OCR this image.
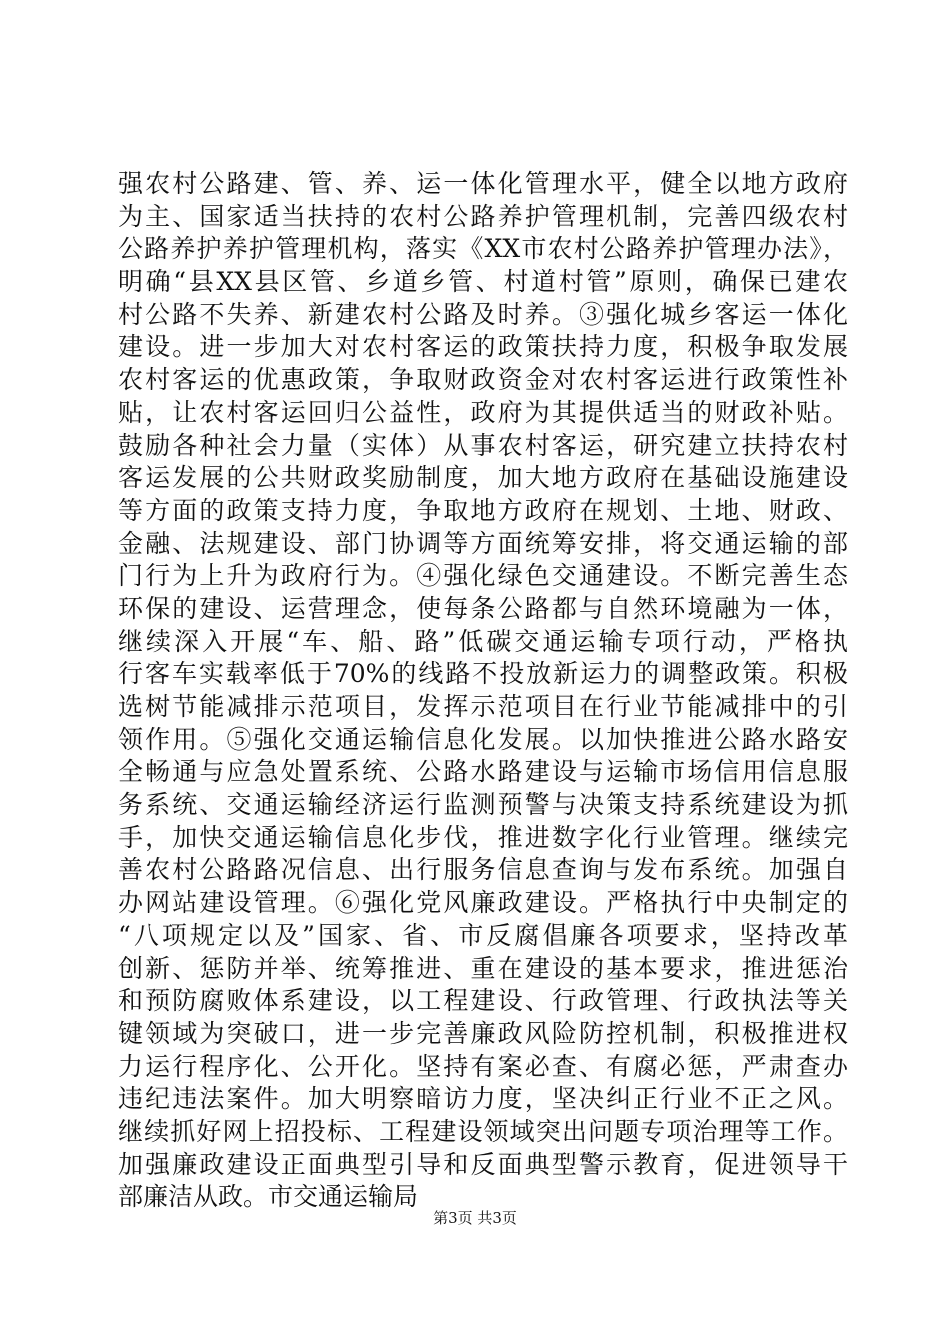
强农村公路建、管、养、运一体化管理水平，健全以地方政府
为主、国家适当扶持的农村公路养护管理机制，完善四级农村
公路养护养护管理机构，落实《XX市农村公路养护管理办法》，
明确“县XX县区管、乡道乡管、村道村管”原则，确保已建农
村公路不失养、新建农村公路及时养。③强化城乡客运一体化
建设。进一步加大对农村客运的政策扶持力度，积极争取发展
农村客运的优惠政策，争取财政资金对农村客运进行政策性补
贴，让农村客运回归公益性，政府为其提供适当的财政补贴。
鼓励各种社会力量（实体）从事农村客运，研究建立扶持农村
客运发展的公共财政奖励制度，加大地方政府在基础设施建设
等方面的政策支持力度，争取地方政府在规划、土地、财政、
金融、法规建设、部门协调等方面统筹安排，将交通运输的部
门行为上升为政府行为。④强化绿色交通建设。不断完善生态
环保的建设、运营理念，使每条公路都与自然环境融为一体，
继续深入开展“车、船、路”低碳交通运输专项行动，严格执
行客车实载率低于70%的线路不投放新运力的调整政策。积极
选树节能减排示范项目，发挥示范项目在行业节能减排中的引
领作用。⑤强化交通运输信息化发展。以加快推进公路水路安
全畅通与应急处置系统、公路水路建设与运输市场信用信息服
务系统、交通运输经济运行监测预警与决策支持系统建设为抓
手，加快交通运输信息化步伐，推进数字化行业管理。继续完
善农村公路路况信息、出行服务信息查询与发布系统。加强自
办网站建设管理。⑥强化党风廉政建设。严格执行中央制定的
“八项规定以及”国家、省、市反腐倡廉各项要求，坚持改革
创新、惩防并举、统筹推进、重在建设的基本要求，推进惩治
和预防腐败体系建设，以工程建设、行政管理、行政执法等关
键领域为突破口，进一步完善廉政风险防控机制，积极推进权
力运行程序化、公开化。坚持有案必查、有腐必惩，严肃查办
违纪违法案件。加大明察暗访力度，坚决纠正行业不正之风。
继续抓好网上招投标、工程建设领域突出问题专项治理等工作。
加强廉政建设正面典型引导和反面典型警示教育，促进领导干
部廉洁从政。市交通运输局
第3页 共3页
